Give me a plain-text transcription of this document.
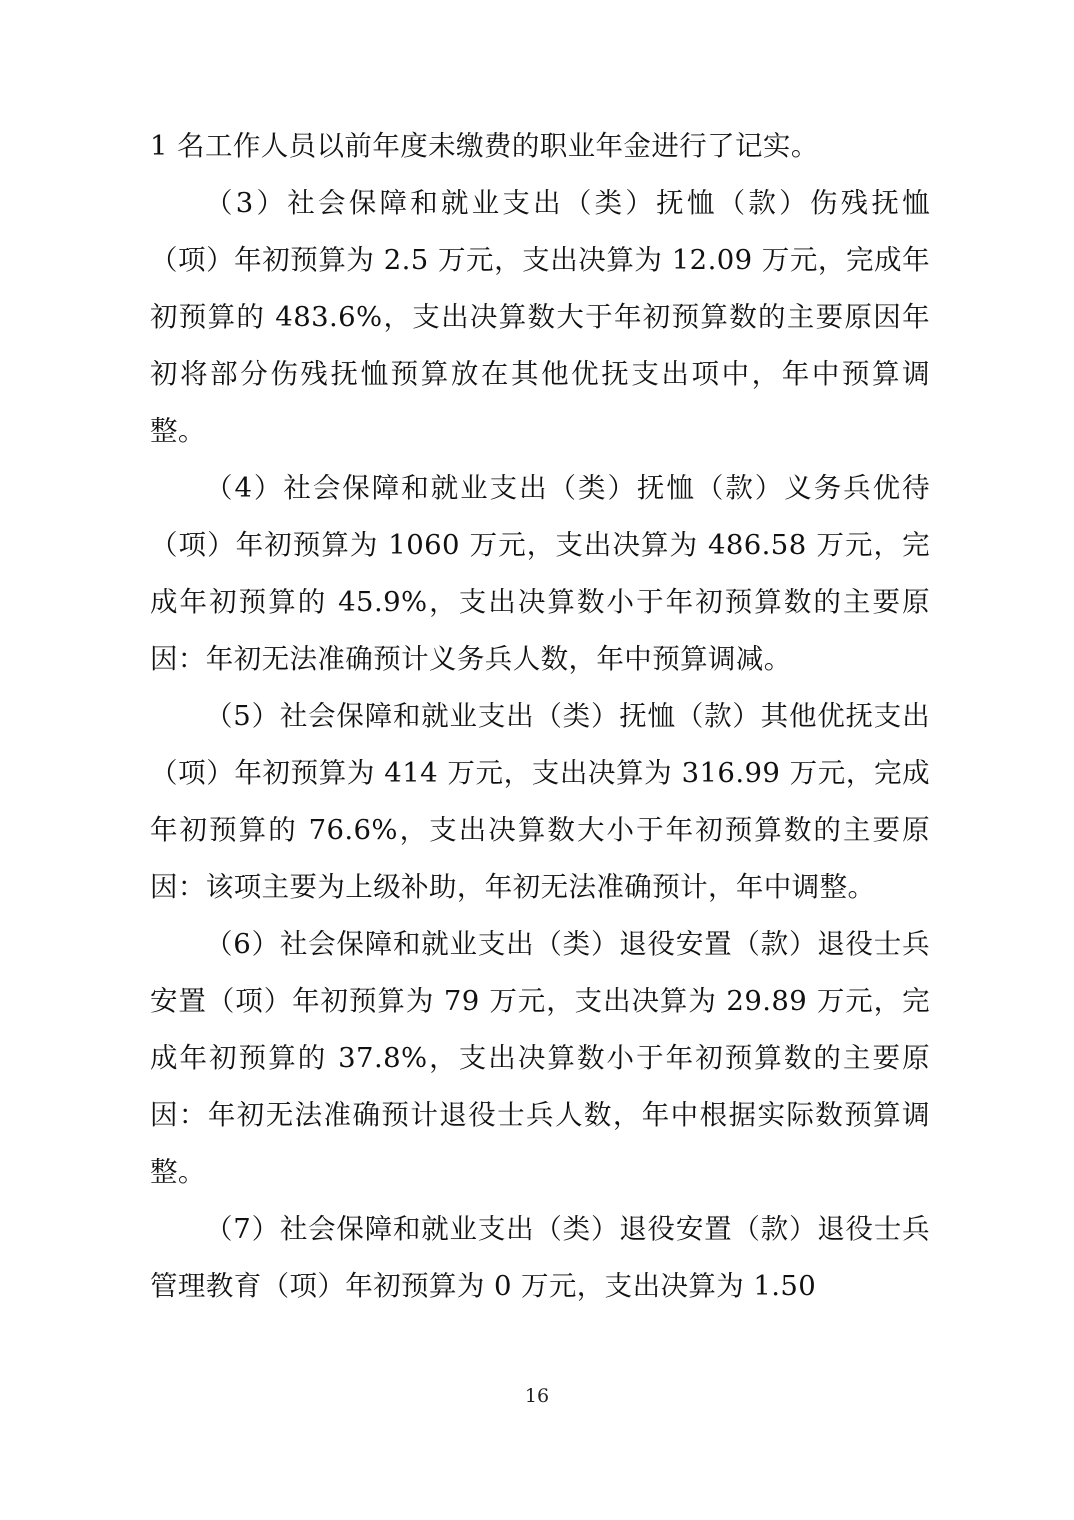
1 名工作人员以前年度未缴费的职业年金进行了记实。

（3）社会保障和就业支出（类）抚恤（款）伤残抚恤（项）年初预算为 2.5 万元，支出决算为 12.09 万元，完成年初预算的 483.6%，支出决算数大于年初预算数的主要原因年初将部分伤残抚恤预算放在其他优抚支出项中，年中预算调整。

（4）社会保障和就业支出（类）抚恤（款）义务兵优待（项）年初预算为 1060 万元，支出决算为 486.58 万元，完成年初预算的 45.9%，支出决算数小于年初预算数的主要原因：年初无法准确预计义务兵人数，年中预算调减。

（5）社会保障和就业支出（类）抚恤（款）其他优抚支出（项）年初预算为 414 万元，支出决算为 316.99 万元，完成年初预算的 76.6%，支出决算数大小于年初预算数的主要原因：该项主要为上级补助，年初无法准确预计，年中调整。

（6）社会保障和就业支出（类）退役安置（款）退役士兵安置（项）年初预算为 79 万元，支出决算为 29.89 万元，完成年初预算的 37.8%，支出决算数小于年初预算数的主要原因：年初无法准确预计退役士兵人数，年中根据实际数预算调整。

（7）社会保障和就业支出（类）退役安置（款）退役士兵管理教育（项）年初预算为 0 万元，支出决算为 1.50

16
